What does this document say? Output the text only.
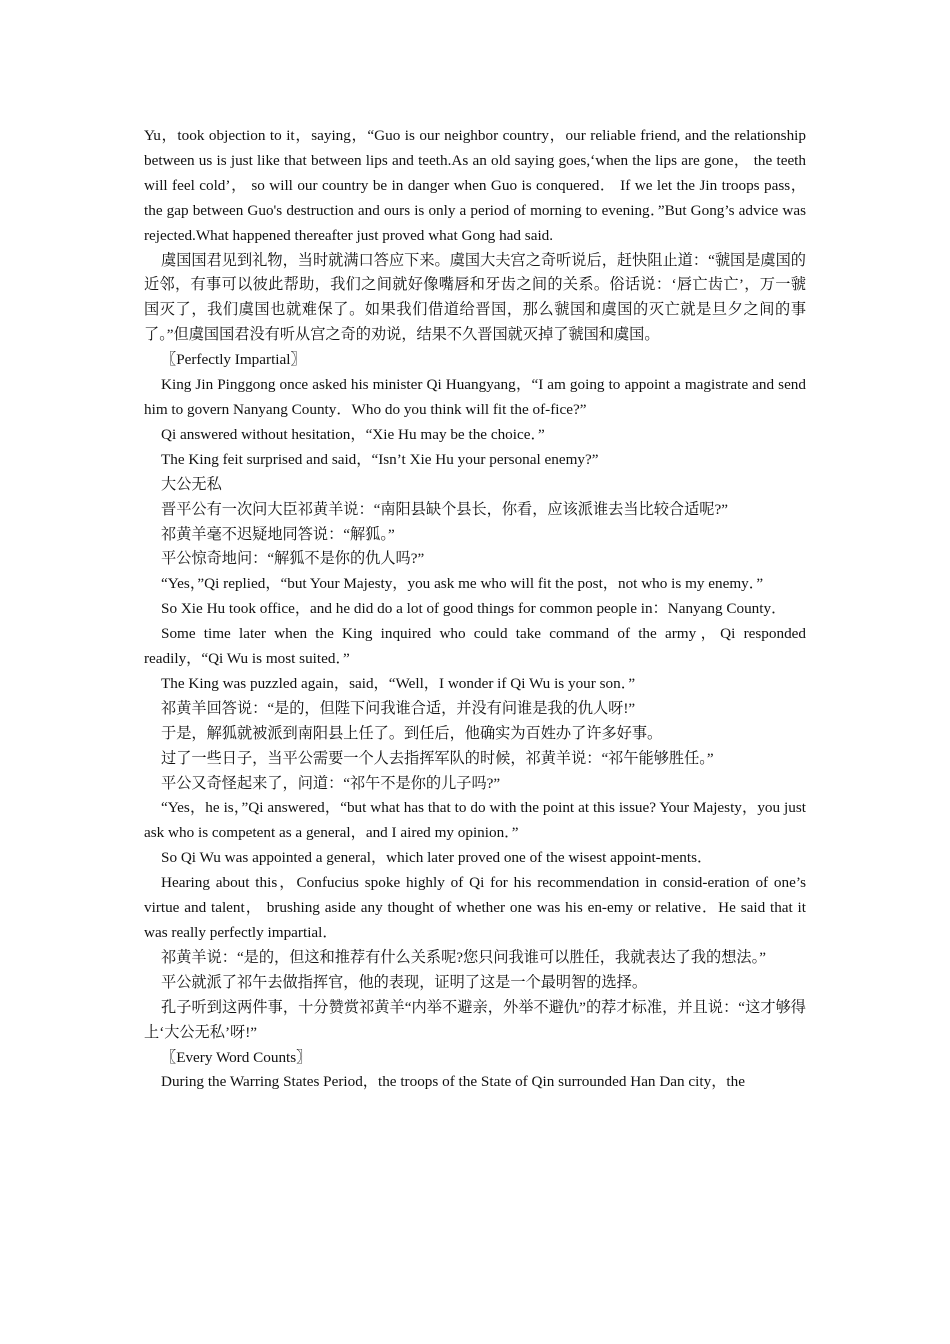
Yu，took objection to it，saying，“Guo is our neighbor country，our reliable friend, and the relationship between us is just like that between lips and teeth.As an old saying goes,‘when the lips are gone， the teeth will feel cold’， so will our country be in danger when Guo is conquered． If we let the Jin troops pass，the gap between Guo's destruction and ours is only a period of morning to evening．”But Gong’s advice was rejected.What happened thereafter just proved what Gong had said.

虞国国君见到礼物，当时就满口答应下来。虞国大夫宫之奇听说后，赶快阻止道：“虢国是虞国的近邻，有事可以彼此帮助，我们之间就好像嘴唇和牙齿之间的关系。俗话说：‘唇亡齿亡’，万一虢国灭了，我们虞国也就难保了。如果我们借道给晋国，那么虢国和虞国的灭亡就是旦夕之间的事了。”但虞国国君没有听从宫之奇的劝说，结果不久晋国就灭掉了虢国和虞国。

〖Perfectly Impartial〗

King Jin Pinggong once asked his minister Qi Huangyang，“I am going to appoint a magistrate and send him to govern Nanyang County．Who do you think will fit the of-fice?”

Qi answered without hesitation，“Xie Hu may be the choice．”

The King feit surprised and said，“Isn’t Xie Hu your personal enemy?”

大公无私

晋平公有一次问大臣祁黄羊说：“南阳县缺个县长，你看，应该派谁去当比较合适呢?”

祁黄羊毫不迟疑地同答说：“解狐。”

平公惊奇地问：“解狐不是你的仇人吗?”

“Yes，”Qi replied，“but Your Majesty，you ask me who will fit the post，not who is my enemy．”

So Xie Hu took office，and he did do a lot of good things for common people in：Nanyang County．

Some time later when the King inquired who could take command of the army，Qi responded readily，“Qi Wu is most suited．”

The King was puzzled again，said，“Well，I wonder if Qi Wu is your son．”

祁黄羊回答说：“是的，但陛下问我谁合适，并没有问谁是我的仇人呀!”

于是，解狐就被派到南阳县上任了。到任后，他确实为百姓办了许多好事。

过了一些日子，当平公需要一个人去指挥军队的时候，祁黄羊说：“祁午能够胜任。”

平公又奇怪起来了，问道：“祁午不是你的儿子吗?”

“Yes，he is，”Qi answered，“but what has that to do with the point at this issue? Your Majesty，you just ask who is competent as a general，and I aired my opinion．”

So Qi Wu was appointed a general，which later proved one of the wisest appoint-ments．

Hearing about this，Confucius spoke highly of Qi for his recommendation in consid-eration of one’s virtue and talent， brushing aside any thought of whether one was his en-emy or relative．He said that it was really perfectly impartial．

祁黄羊说：“是的，但这和推荐有什么关系呢?您只问我谁可以胜任，我就表达了我的想法。”

平公就派了祁午去做指挥官，他的表现，证明了这是一个最明智的选择。

孔子听到这两件事，十分赞赏祁黄羊“内举不避亲，外举不避仇”的荐才标准，并且说：“这才够得上‘大公无私’呀!”

〖Every Word Counts〗

During the Warring States Period，the troops of the State of Qin surrounded Han Dan city，the
